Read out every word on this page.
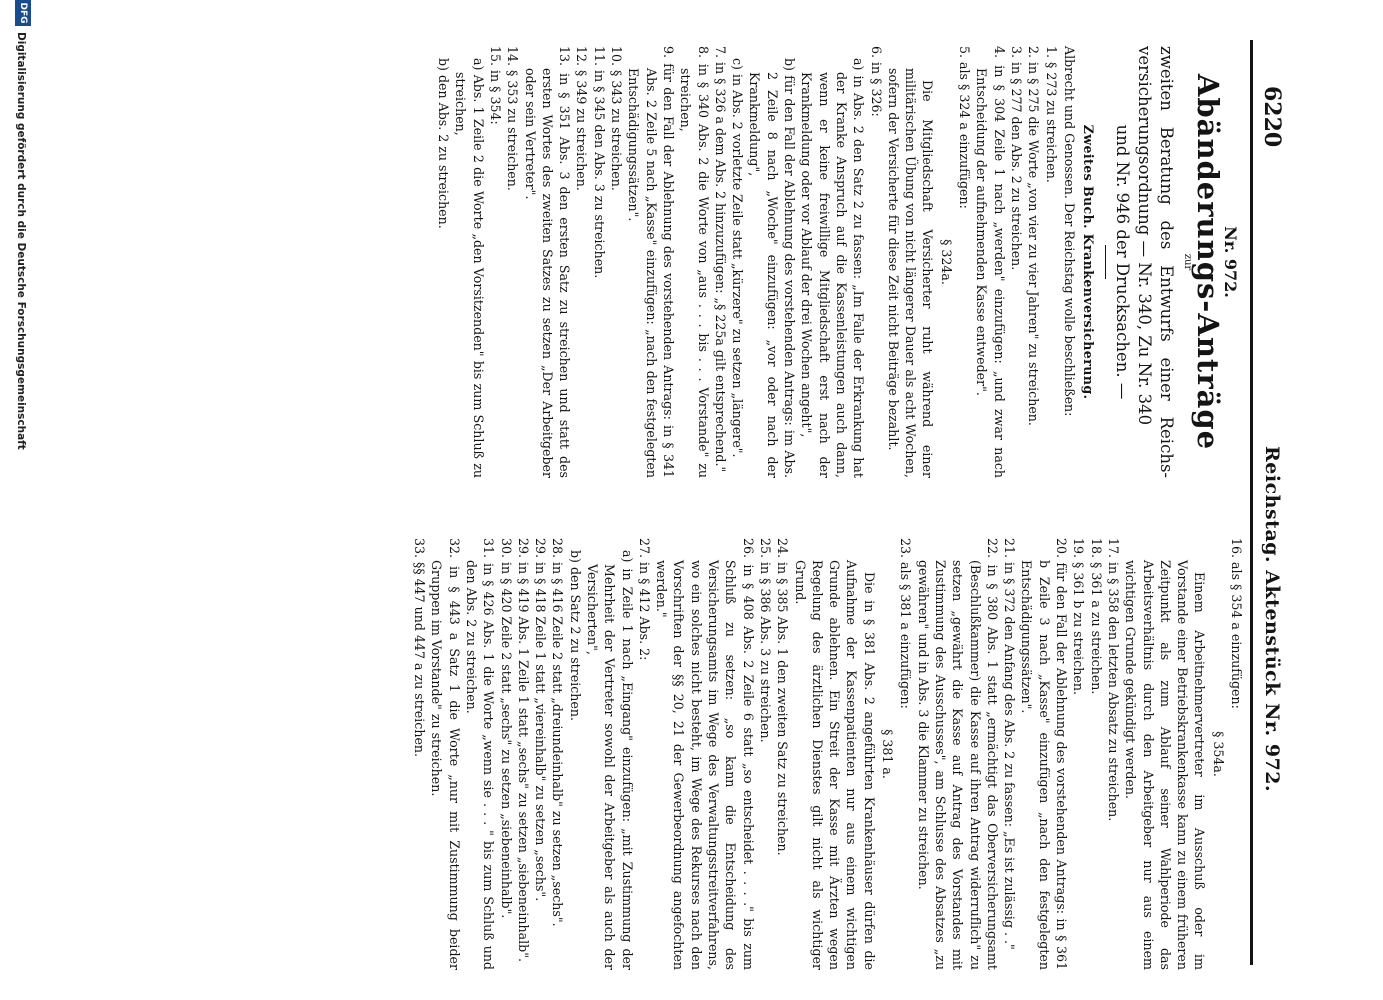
6220
Reichstag. Aktenstück Nr. 972.
Nr. 972.
Abänderungs-Anträge
zur
zweiten Beratung des Entwurfs einer Reichs-versicherungsordnung — Nr. 340, Zu Nr. 340
und Nr. 946 der Drucksachen. —
Zweites Buch. Krankenversicherung.
Albrecht und Genossen. Der Reichstag wolle beschließen:
1. § 273 zu streichen.
2. in § 275 die Worte „von vier zu vier Jahren" zu streichen.
3. in § 277 den Abs. 2 zu streichen.
4. in § 304 Zeile 1 nach „werden" einzufügen: „und zwar nach Entscheidung der aufnehmenden Kasse entweder".
5. als § 324 a einzufügen:
§ 324a.
Die Mitgliedschaft Versicherter ruht während einer militärischen Übung von nicht längerer Dauer als acht Wochen, sofern der Versicherte für diese Zeit nicht Beiträge bezahlt.
6. in § 326:
a) in Abs. 2 den Satz 2 zu fassen: „Im Falle der Erkrankung hat der Kranke Anspruch auf die Kassenleistungen auch dann, wenn er keine freiwillige Mitgliedschaft erst nach der Krankmeldung oder vor Ablauf der drei Wochen angeht",
b) für den Fall der Ablehnung des vorstehenden Antrags: im Abs. 2 Zeile 8 nach „Woche" einzufügen: „vor oder nach der Krankmeldung",
c) in Abs. 2 vorletzte Zeile statt „kürzere" zu setzen „längere".
7. in § 326 a dem Abs. 2 hinzuzufügen: „§ 225a gilt entsprechend."
8. in § 340 Abs. 2 die Worte von „aus . . . bis . . . Vorstande" zu streichen,
9. für den Fall der Ablehnung des vorstehenden Antrags: in § 341 Abs. 2 Zeile 5 nach „Kasse" einzufügen: „nach den festgelegten Entschädigungssätzen".
10. § 343 zu streichen.
11. in § 345 den Abs. 3 zu streichen.
12. § 349 zu streichen.
13. in § 351 Abs. 3 den ersten Satz zu streichen und statt des ersten Wortes des zweiten Satzes zu setzen „Der Arbeitgeber oder sein Vertreter".
14. § 353 zu streichen.
15. in § 354:
a) Abs. 1 Zeile 2 die Worte „den Vorsitzenden" bis zum Schluß zu streichen,
b) den Abs. 2 zu streichen.
16. als § 354 a einzufügen:
§ 354a.
Einem Arbeitnehmervertreter im Ausschuß oder im Vorstande einer Betriebskrankenkasse kann zu einem früheren Zeitpunkt als zum Ablauf seiner Wahlperiode das Arbeitsverhältnis durch den Arbeitgeber nur aus einem wichtigen Grunde gekündigt werden.
17. in § 358 den letzten Absatz zu streichen.
18. § 361 a zu streichen.
19. § 361 b zu streichen.
20. für den Fall der Ablehnung des vorstehenden Antrags: in § 361 b Zeile 3 nach „Kasse" einzufügen „nach den festgelegten Entschädigungssätzen".
21. in § 372 den Anfang des Abs. 2 zu fassen: „Es ist zulässig . ."
22. in § 380 Abs. 1 statt „ermächtigt das Oberversicherungsamt (Beschlußkammer) die Kasse auf ihren Antrag widerruflich" zu setzen „gewährt die Kasse auf Antrag des Vorstandes mit Zustimmung des Ausschusses", am Schlusse des Absatzes „zu gewähren" und in Abs. 3 die Klammer zu streichen.
23. als § 381 a einzufügen:
§ 381 a.
Die in § 381 Abs. 2 angeführten Krankenhäuser dürfen die Aufnahme der Kassenpatienten nur aus einem wichtigen Grunde ablehnen. Ein Streit der Kasse mit Ärzten wegen Regelung des ärztlichen Dienstes gilt nicht als wichtiger Grund.
24. in § 385 Abs. 1 den zweiten Satz zu streichen.
25. in § 386 Abs. 3 zu streichen.
26. in § 408 Abs. 2 Zeile 6 statt „so entscheidet . . . ." bis zum Schluß zu setzen: „so kann die Entscheidung des Versicherungsamts im Wege des Verwaltungsstreitverfahrens, wo ein solches nicht besteht, im Wege des Rekurses nach den Vorschriften der §§ 20, 21 der Gewerbeordnung angefochten werden."
27. in § 412 Abs. 2:
a) in Zeile 1 nach „Eingang" einzufügen: „mit Zustimmung der Mehrheit der Vertreter sowohl der Arbeitgeber als auch der Versicherten",
b) den Satz 2 zu streichen.
28. in § 416 Zeile 2 statt „dreiundeinhalb" zu setzen „sechs".
29. in § 418 Zeile 1 statt „viereinhalb" zu setzen „sechs".
29. in § 419 Abs. 1 Zeile 1 statt „sechs" zu setzen „siebeneinhalb".
30. in § 420 Zeile 2 statt „sechs" zu setzen „siebeneinhalb".
31. in § 426 Abs. 1 die Worte „wenn sie . . . " bis zum Schluß und den Abs. 2 zu streichen.
32. in § 443 a Satz 1 die Worte „nur mit Zustimmung beider Gruppen im Vorstande" zu streichen.
33. §§ 447 und 447 a zu streichen.
DFG
Digitalisierung gefördert durch die Deutsche Forschungsgemeinschaft
